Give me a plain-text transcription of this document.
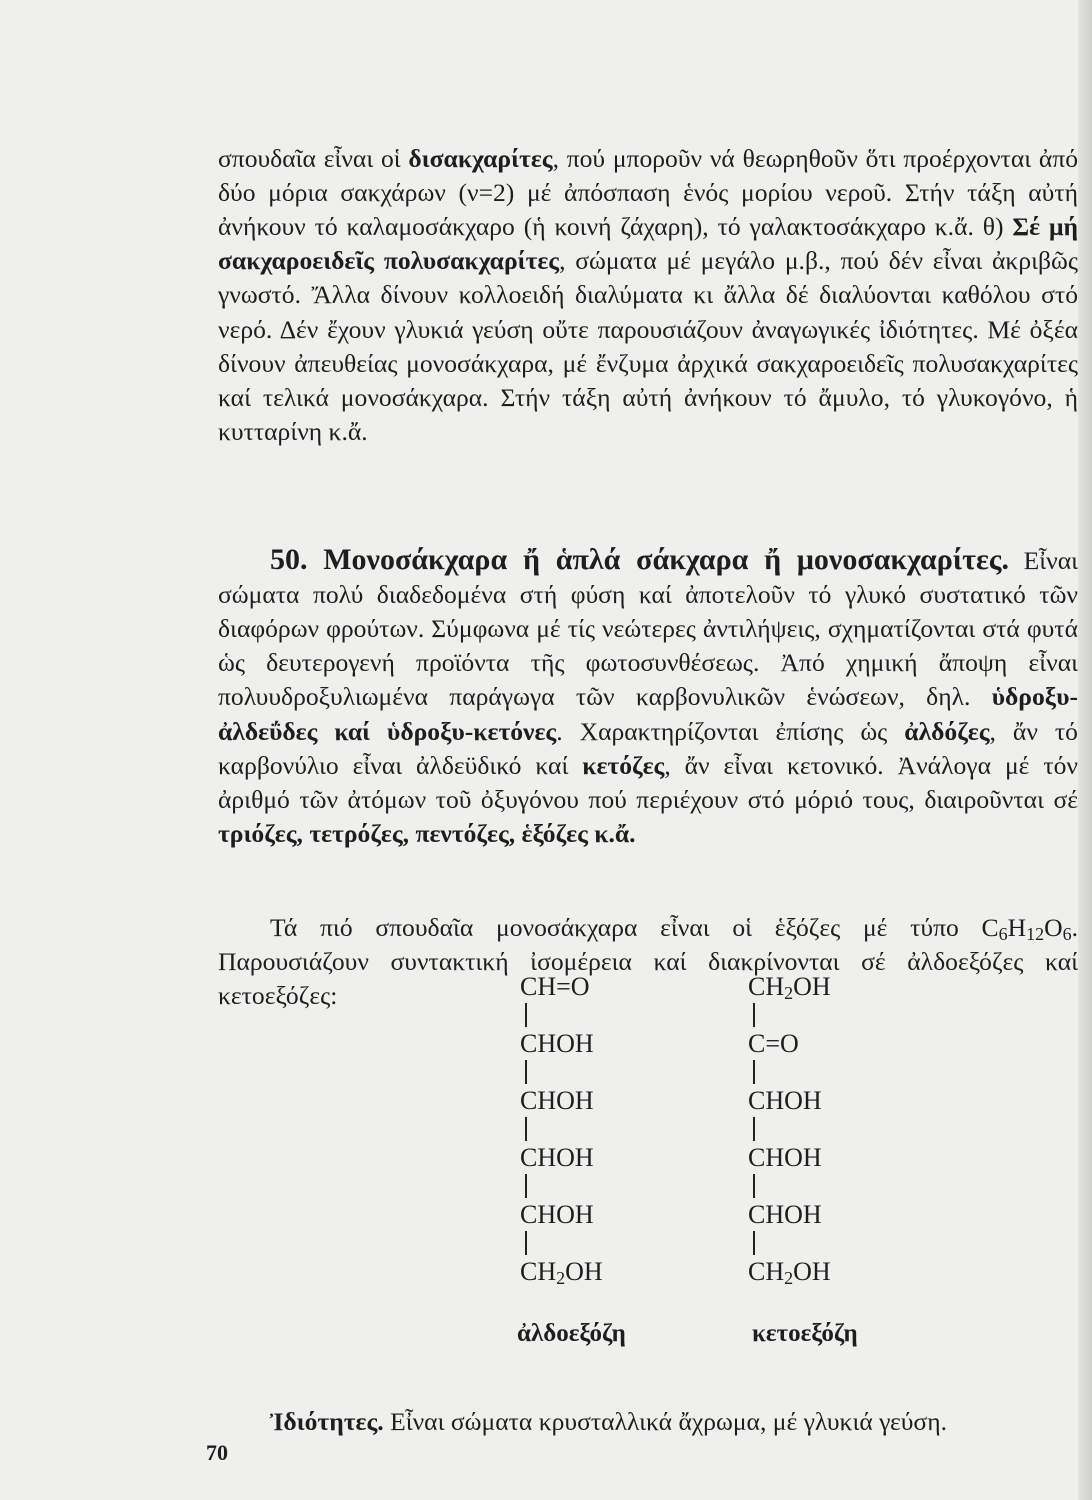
σπουδαῖα εἶναι οἱ δισακχαρίτες, πού μποροῦν νά θεωρηθοῦν ὅτι προέρχονται ἀπό δύο μόρια σακχάρων (ν=2) μέ ἀπόσπαση ἑνός μορίου νεροῦ. Στήν τάξη αὐτή ἀνήκουν τό καλαμοσάκχαρο (ἡ κοινή ζάχαρη), τό γαλακτοσάκχαρο κ.ἄ. θ) Σέ μή σακχαροειδεῖς πολυσακχαρίτες, σώματα μέ μεγάλο μ.β., πού δέν εἶναι ἀκριβῶς γνωστό. Ἄλλα δίνουν κολλοειδή διαλύματα κι ἄλλα δέ διαλύονται καθόλου στό νερό. Δέν ἔχουν γλυκιά γεύση οὔτε παρουσιάζουν ἀναγωγικές ἰδιότητες. Μέ ὀξέα δίνουν ἀπευθείας μονοσάκχαρα, μέ ἔνζυμα ἀρχικά σακχαροειδεῖς πολυσακχαρίτες καί τελικά μονοσάκχαρα. Στήν τάξη αὐτή ἀνήκουν τό ἄμυλο, τό γλυκογόνο, ἡ κυτταρίνη κ.ἄ.

50. Μονοσάκχαρα ἤ ἁπλά σάκχαρα ἤ μονοσακχαρίτες. Εἶναι σώματα πολύ διαδεδομένα στή φύση καί ἀποτελοῦν τό γλυκό συστατικό τῶν διαφόρων φρούτων. Σύμφωνα μέ τίς νεώτερες ἀντιλήψεις, σχηματίζονται στά φυτά ὡς δευτερογενή προϊόντα τῆς φωτοσυνθέσεως. Ἀπό χημική ἄποψη εἶναι πολυυδροξυλιωμένα παράγωγα τῶν καρβονυλικῶν ἑνώσεων, δηλ. ὑδροξυ-ἀλδεΰδες καί ὑδροξυ-κετόνες. Χαρακτηρίζονται ἐπίσης ὡς ἀλδόζες, ἄν τό καρβονύλιο εἶναι ἀλδεϋδικό καί κετόζες, ἄν εἶναι κετονικό. Ἀνάλογα μέ τόν ἀριθμό τῶν ἀτόμων τοῦ ὀξυγόνου πού περιέχουν στό μόριό τους, διαιροῦνται σέ τριόζες, τετρόζες, πεντόζες, ἑξόζες κ.ἄ.

Τά πιό σπουδαῖα μονοσάκχαρα εἶναι οἱ ἑξόζες μέ τύπο $C_6H_{12}O_6$. Παρουσιάζουν συντακτική ἰσομέρεια καί διακρίνονται σέ ἀλδοεξόζες καί κετοεξόζες:	CH=O
CHOH
CHOH
CHOH
CHOH
$CH_2OH$
ἀλδοεξόζη
$CH_2OH$
C=O
CHOH
CHOH
CHOH
$CH_2OH$
κετοεξόζη

Ἰδιότητες. Εἶναι σώματα κρυσταλλικά ἄχρωμα, μέ γλυκιά γεύση.

70
